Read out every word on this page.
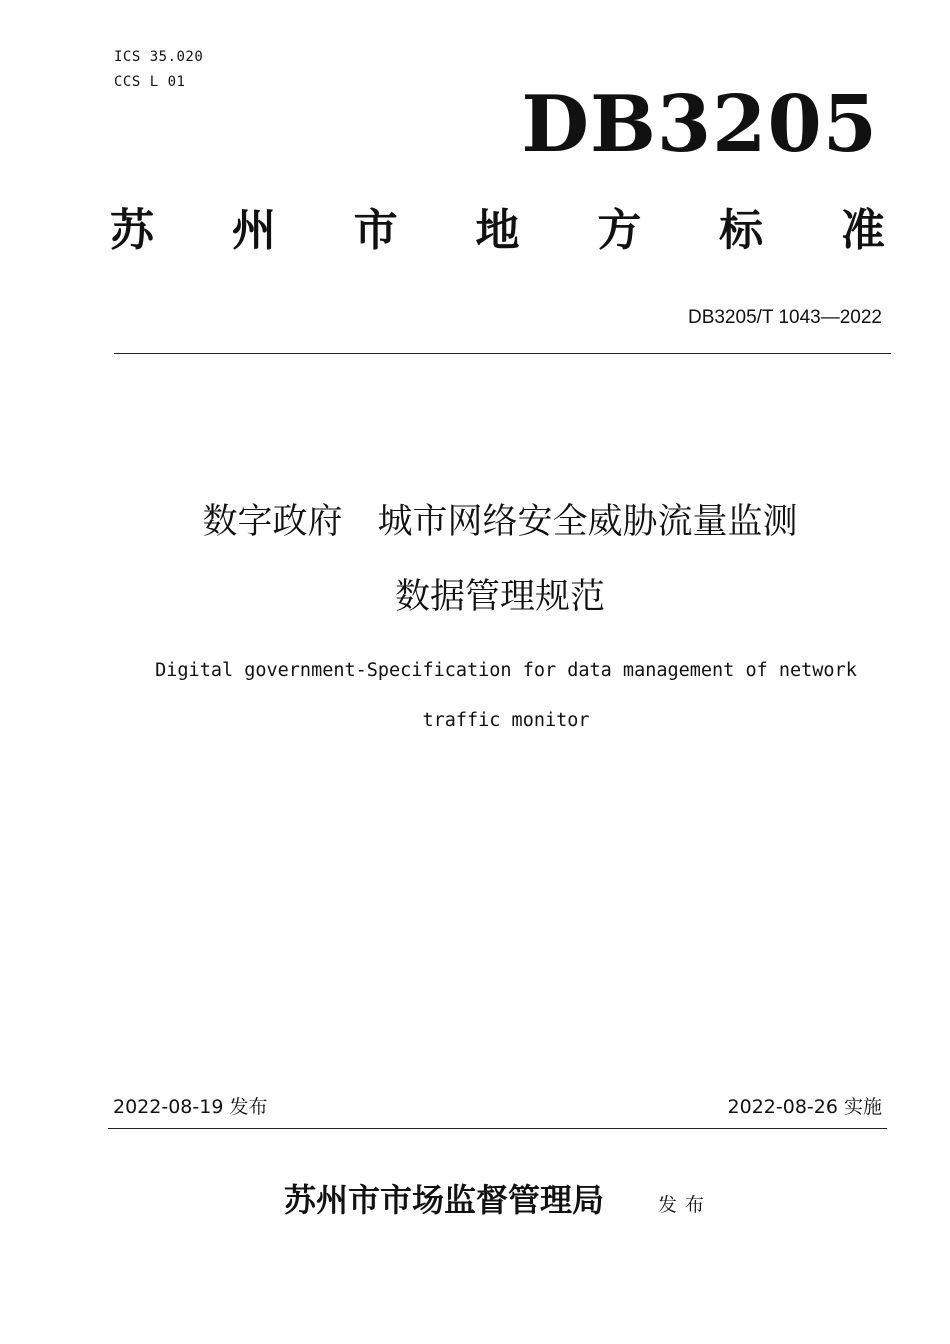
ICS 35.020
CCS L 01	DB3205
苏 州 市 地 方 标 准
DB3205/T 1043—2022
数字政府　城市网络安全威胁流量监测
数据管理规范
Digital government-Specification for data management of network
traffic monitor
2022-08-19 发布	2022-08-26 实施
苏州市市场监督管理局	发布
